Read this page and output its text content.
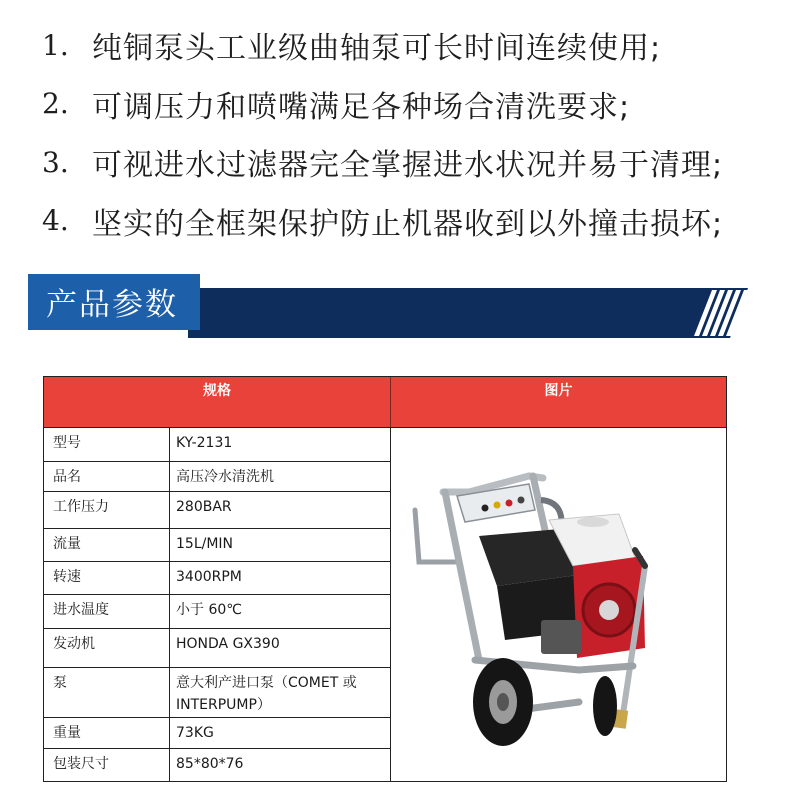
1. 纯铜泵头工业级曲轴泵可长时间连续使用;
2. 可调压力和喷嘴满足各种场合清洗要求;
3. 可视进水过滤器完全掌握进水状况并易于清理;
4. 坚实的全框架保护防止机器收到以外撞击损坏;
产品参数
规格	图片
型号	KY-2131
品名	高压冷水清洗机
工作压力	280BAR
流量	15L/MIN
转速	3400RPM
进水温度	小于 60℃
发动机	HONDA GX390
泵	意大利产进口泵（COMET 或 INTERPUMP）
重量	73KG
包装尺寸	85*80*76
